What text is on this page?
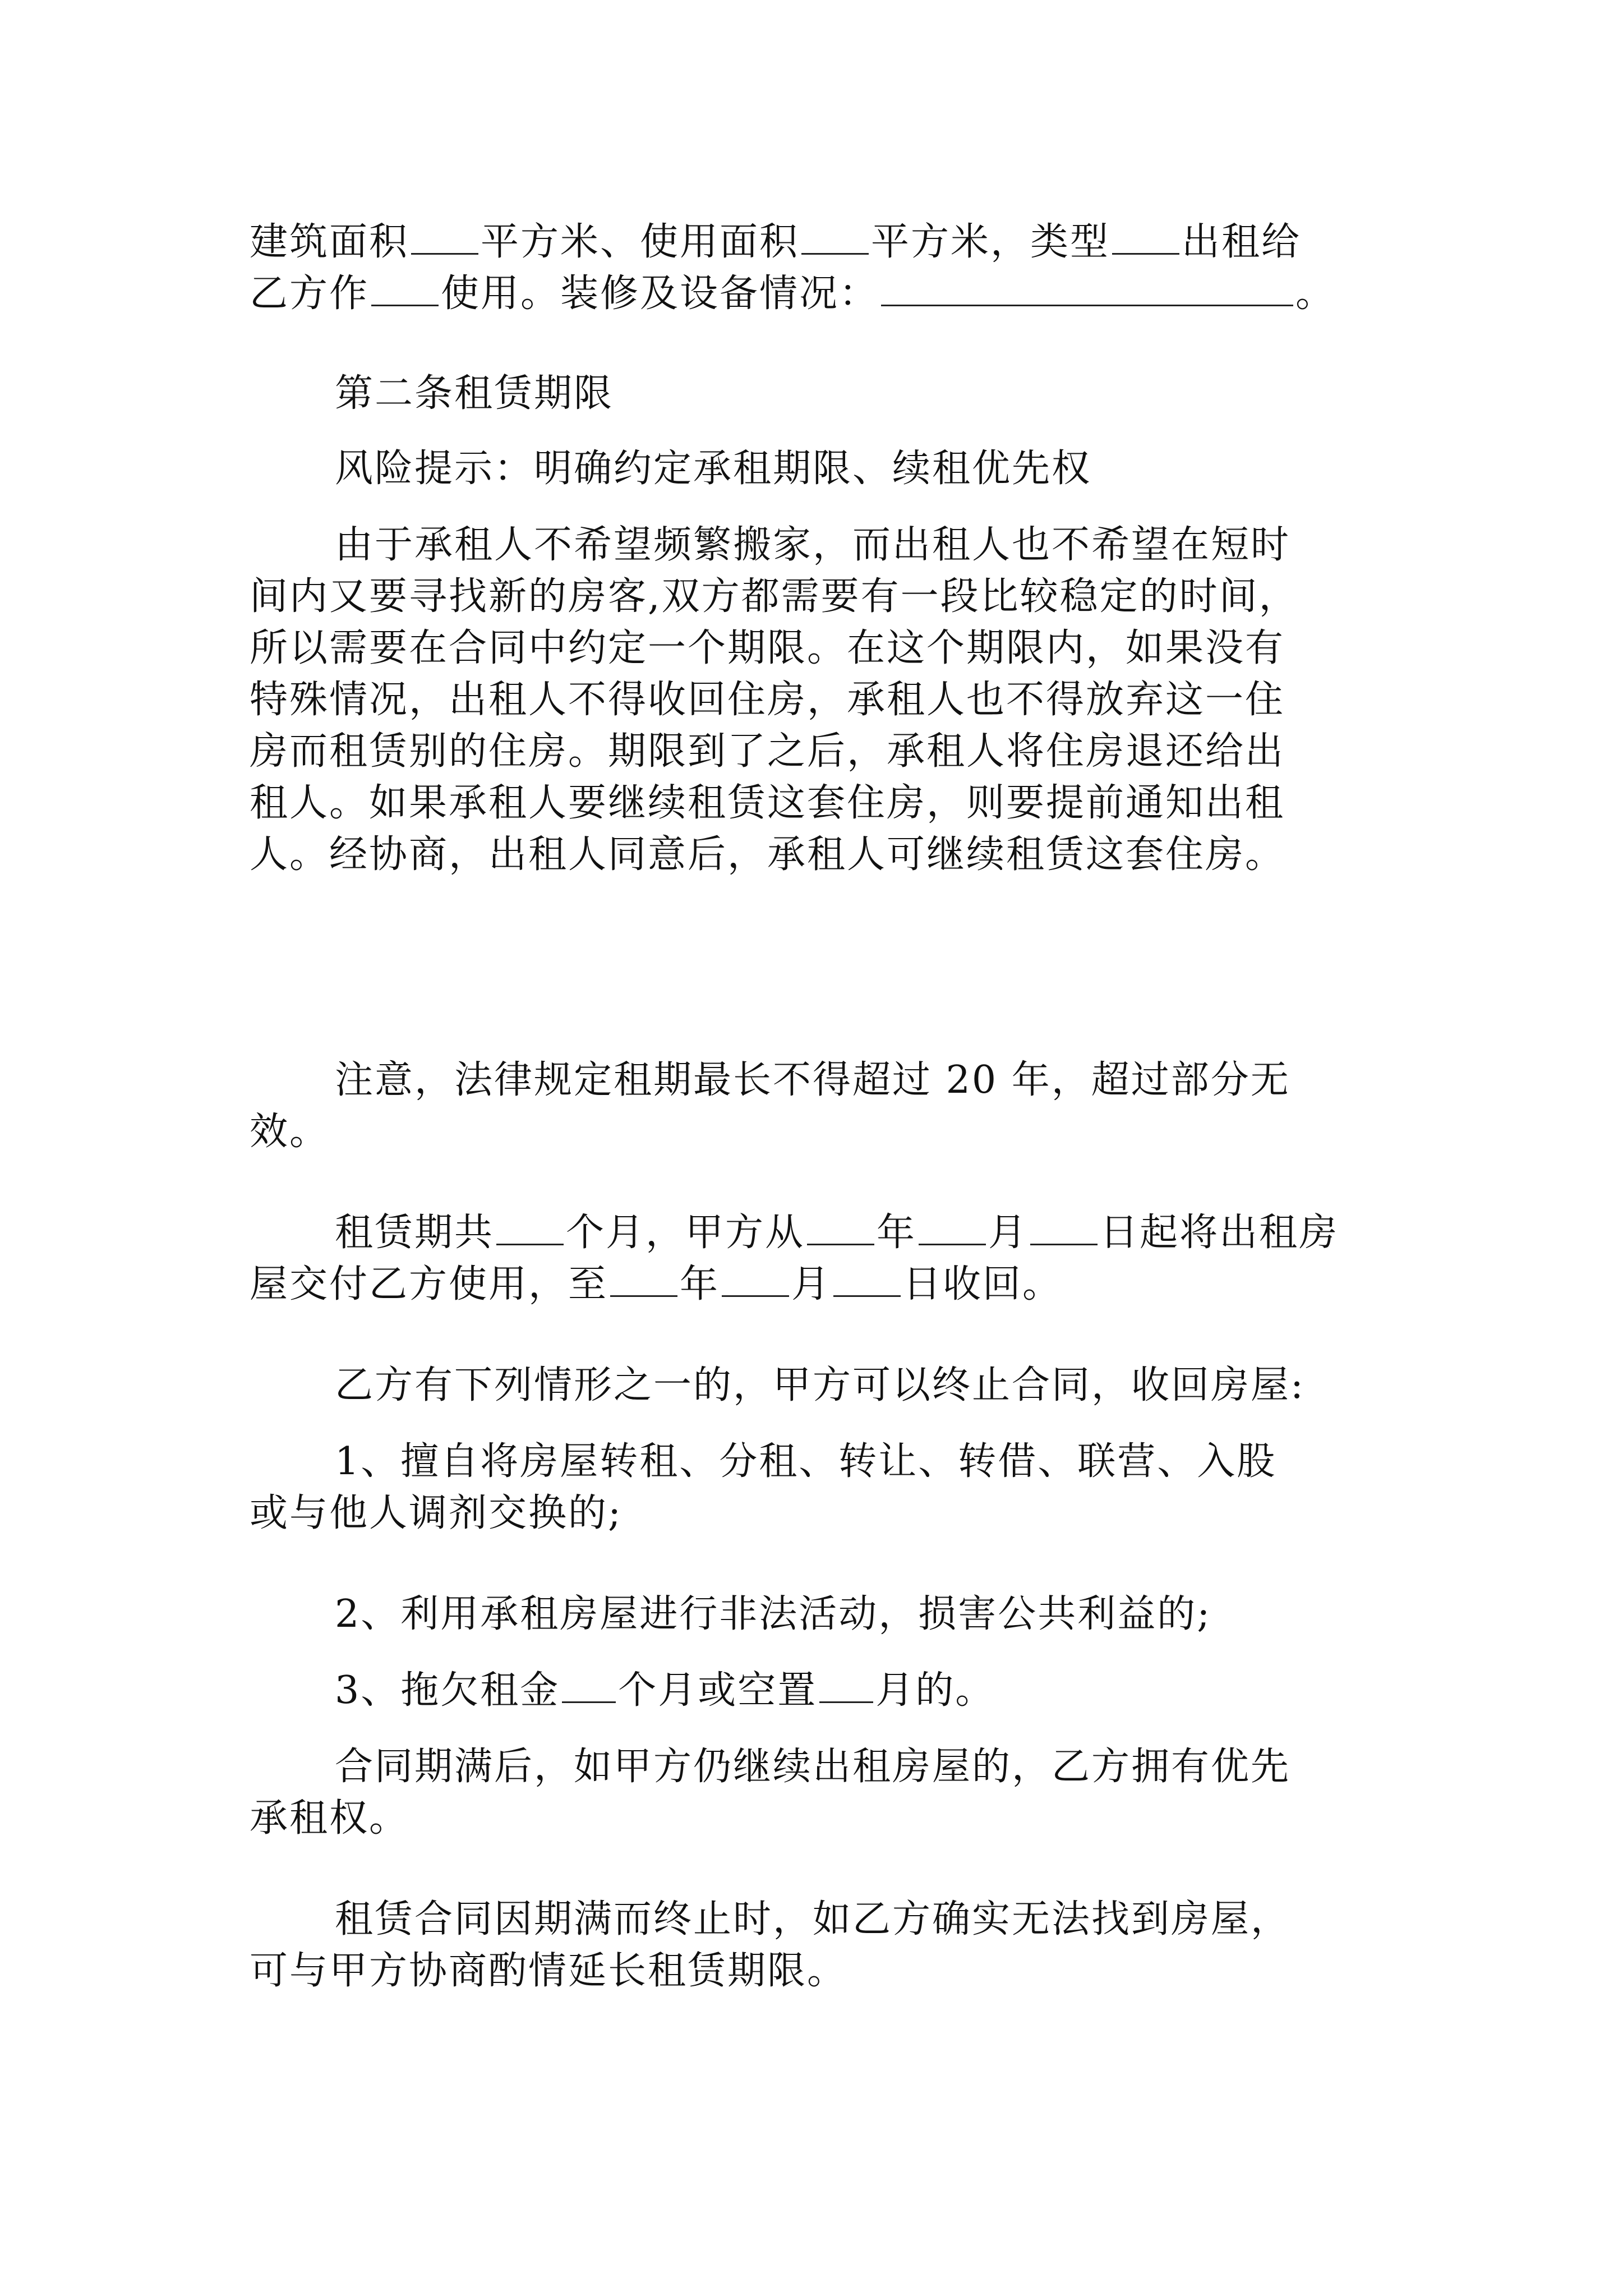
建筑面积 平方米、使用面积 平方米，类型 出租给
乙方作 使用。装修及设备情况：	。
第二条租赁期限
风险提示：明确约定承租期限、续租优先权
由于承租人不希望频繁搬家，而出租人也不希望在短时
间内又要寻找新的房客,双方都需要有一段比较稳定的时间，
所以需要在合同中约定一个期限。在这个期限内，如果没有
特殊情况，出租人不得收回住房，承租人也不得放弃这一住
房而租赁别的住房。期限到了之后，承租人将住房退还给出
租人。如果承租人要继续租赁这套住房，则要提前通知出租
人。经协商，出租人同意后，承租人可继续租赁这套住房。
注意，法律规定租期最长不得超过 20 年，超过部分无
效。
租赁期共 个月，甲方从 年 月 日起将出租房
屋交付乙方使用，至 年 月 日收回。
乙方有下列情形之一的，甲方可以终止合同，收回房屋:
1、擅自将房屋转租、分租、转让、转借、联营、入股
或与他人调剂交换的;
2、利用承租房屋进行非法活动，损害公共利益的;
3、拖欠租金 个月或空置 月的。
合同期满后，如甲方仍继续出租房屋的，乙方拥有优先
承租权。
租赁合同因期满而终止时，如乙方确实无法找到房屋，
可与甲方协商酌情延长租赁期限。
